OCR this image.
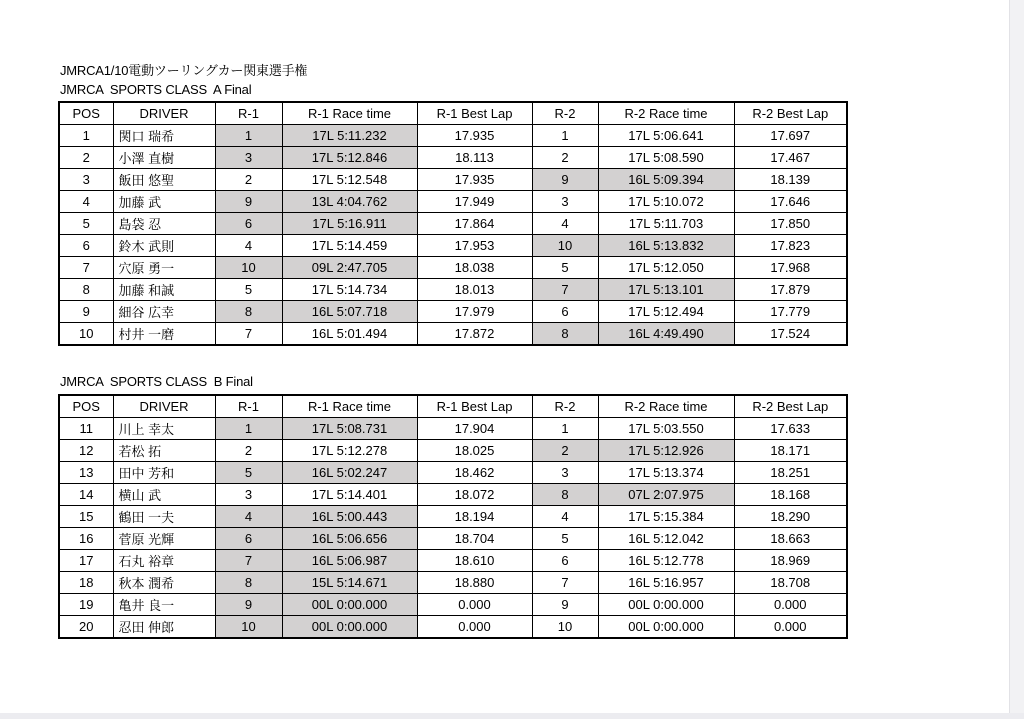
JMRCA1/10電動ツーリングカー関東選手権
JMRCA  SPORTS CLASS  A Final
POS	DRIVER	R-1	R-1 Race time	R-1 Best Lap	R-2	R-2 Race time	R-2 Best Lap
1	関口 瑞希	1	17L 5:11.232	17.935	1	17L 5:06.641	17.697
2	小澤 直樹	3	17L 5:12.846	18.113	2	17L 5:08.590	17.467
3	飯田 悠聖	2	17L 5:12.548	17.935	9	16L 5:09.394	18.139
4	加藤 武	9	13L 4:04.762	17.949	3	17L 5:10.072	17.646
5	島袋 忍	6	17L 5:16.911	17.864	4	17L 5:11.703	17.850
6	鈴木 武則	4	17L 5:14.459	17.953	10	16L 5:13.832	17.823
7	穴原 勇一	10	09L 2:47.705	18.038	5	17L 5:12.050	17.968
8	加藤 和誠	5	17L 5:14.734	18.013	7	17L 5:13.101	17.879
9	細谷 広幸	8	16L 5:07.718	17.979	6	17L 5:12.494	17.779
10	村井 一磨	7	16L 5:01.494	17.872	8	16L 4:49.490	17.524
JMRCA  SPORTS CLASS  B Final
POS	DRIVER	R-1	R-1 Race time	R-1 Best Lap	R-2	R-2 Race time	R-2 Best Lap
11	川上 幸太	1	17L 5:08.731	17.904	1	17L 5:03.550	17.633
12	若松 拓	2	17L 5:12.278	18.025	2	17L 5:12.926	18.171
13	田中 芳和	5	16L 5:02.247	18.462	3	17L 5:13.374	18.251
14	横山 武	3	17L 5:14.401	18.072	8	07L 2:07.975	18.168
15	鶴田 一夫	4	16L 5:00.443	18.194	4	17L 5:15.384	18.290
16	菅原 光輝	6	16L 5:06.656	18.704	5	16L 5:12.042	18.663
17	石丸 裕章	7	16L 5:06.987	18.610	6	16L 5:12.778	18.969
18	秋本 潤希	8	15L 5:14.671	18.880	7	16L 5:16.957	18.708
19	亀井 良一	9	00L 0:00.000	0.000	9	00L 0:00.000	0.000
20	忍田 伸郎	10	00L 0:00.000	0.000	10	00L 0:00.000	0.000
